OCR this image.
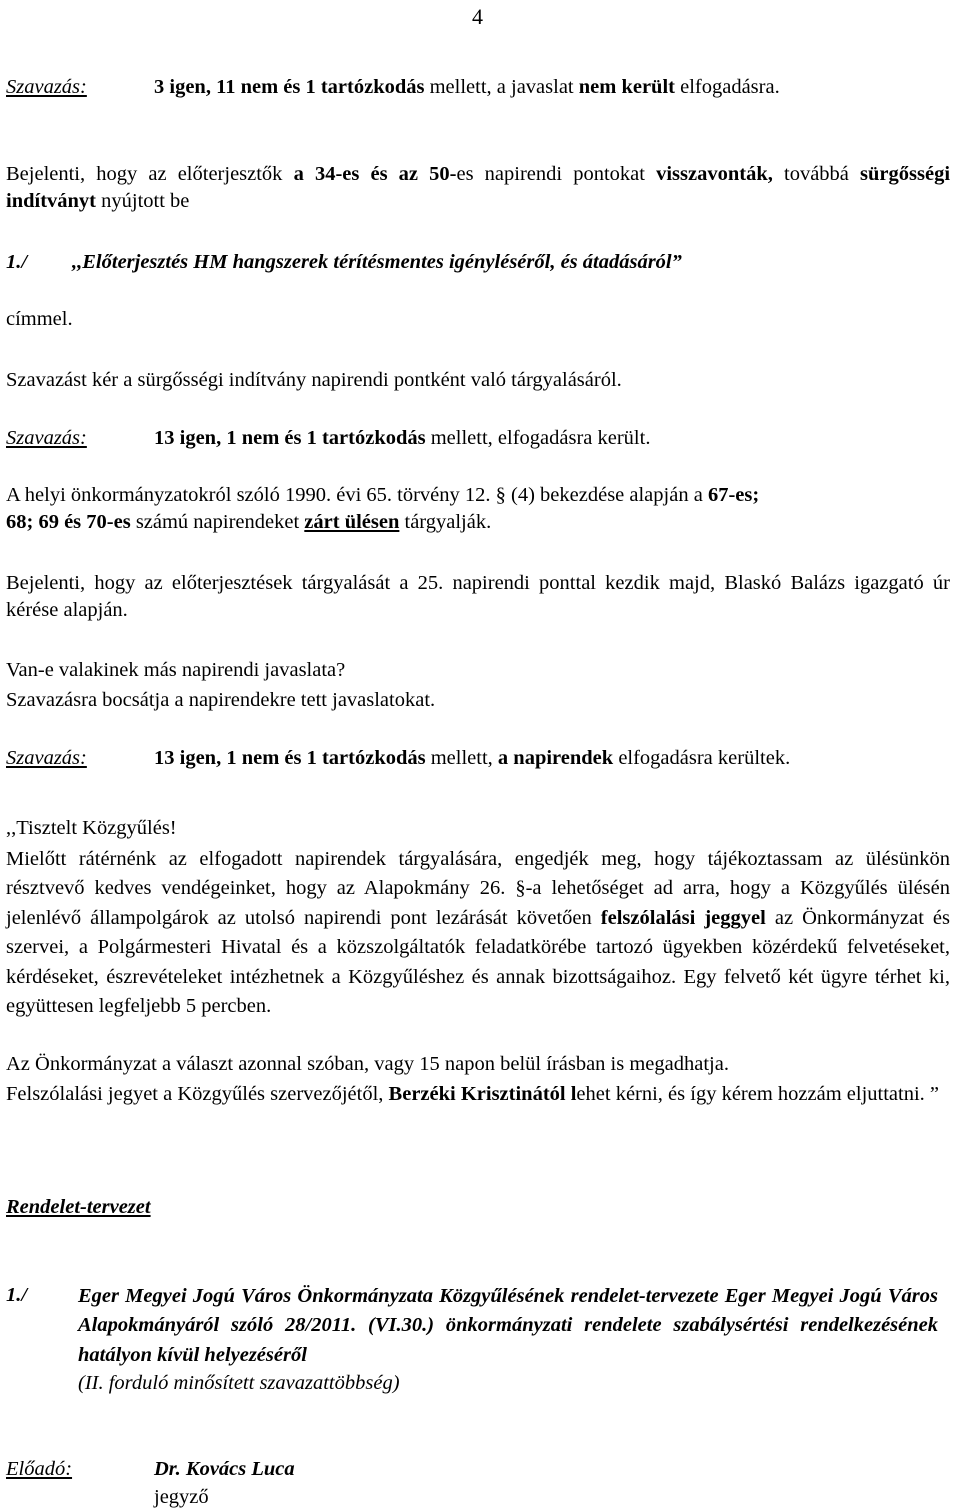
4
Szavazás:	3 igen, 11 nem és 1 tartózkodás mellett, a javaslat nem került elfogadásra.

Bejelenti, hogy az előterjesztők a 34-es és az 50-es napirendi pontokat visszavonták, továbbá sürgősségi indítványt nyújtott be

1./ ,,Előterjesztés HM hangszerek térítésmentes igényléséről, és átadásáról”
címmel.

Szavazást kér a sürgősségi indítvány napirendi pontként való tárgyalásáról.

Szavazás:	13 igen, 1 nem és 1 tartózkodás mellett, elfogadásra került.

A helyi önkormányzatokról szóló 1990. évi 65. törvény 12. § (4) bekezdése alapján a 67-es;
68; 69 és 70-es számú napirendeket zárt ülésen tárgyalják.

Bejelenti, hogy az előterjesztések tárgyalását a 25. napirendi ponttal kezdik majd, Blaskó Balázs igazgató úr kérése alapján.

Van-e valakinek más napirendi javaslata?

Szavazásra bocsátja a napirendekre tett javaslatokat.

Szavazás:	13 igen, 1 nem és 1 tartózkodás mellett, a napirendek elfogadásra kerültek.

,,Tisztelt Közgyűlés!

Mielőtt rátérnénk az elfogadott napirendek tárgyalására, engedjék meg, hogy tájékoztassam az ülésünkön résztvevő kedves vendégeinket, hogy az Alapokmány 26. §-a lehetőséget ad arra, hogy a Közgyűlés ülésén jelenlévő állampolgárok az utolsó napirendi pont lezárását követően felszólalási jeggyel az Önkormányzat és szervei, a Polgármesteri Hivatal és a közszolgáltatók feladatkörébe tartozó ügyekben közérdekű felvetéseket, kérdéseket, észrevételeket intézhetnek a Közgyűléshez és annak bizottságaihoz. Egy felvető két ügyre térhet ki, együttesen legfeljebb 5 percben.

Az Önkormányzat a választ azonnal szóban, vagy 15 napon belül írásban is megadhatja.

Felszólalási jegyet a Közgyűlés szervezőjétől, Berzéki Krisztinától lehet kérni, és így kérem hozzám eljuttatni. ”

Rendelet-tervezet

1./ Eger Megyei Jogú Város Önkormányzata Közgyűlésének rendelet-tervezete Eger Megyei Jogú Város Alapokmányáról szóló 28/2011. (VI.30.) önkormányzati rendelete szabálysértési rendelkezésének hatályon kívül helyezéséről

(II. forduló minősített szavazattöbbség)

Előadó:	Dr. Kovács Luca
jegyző
